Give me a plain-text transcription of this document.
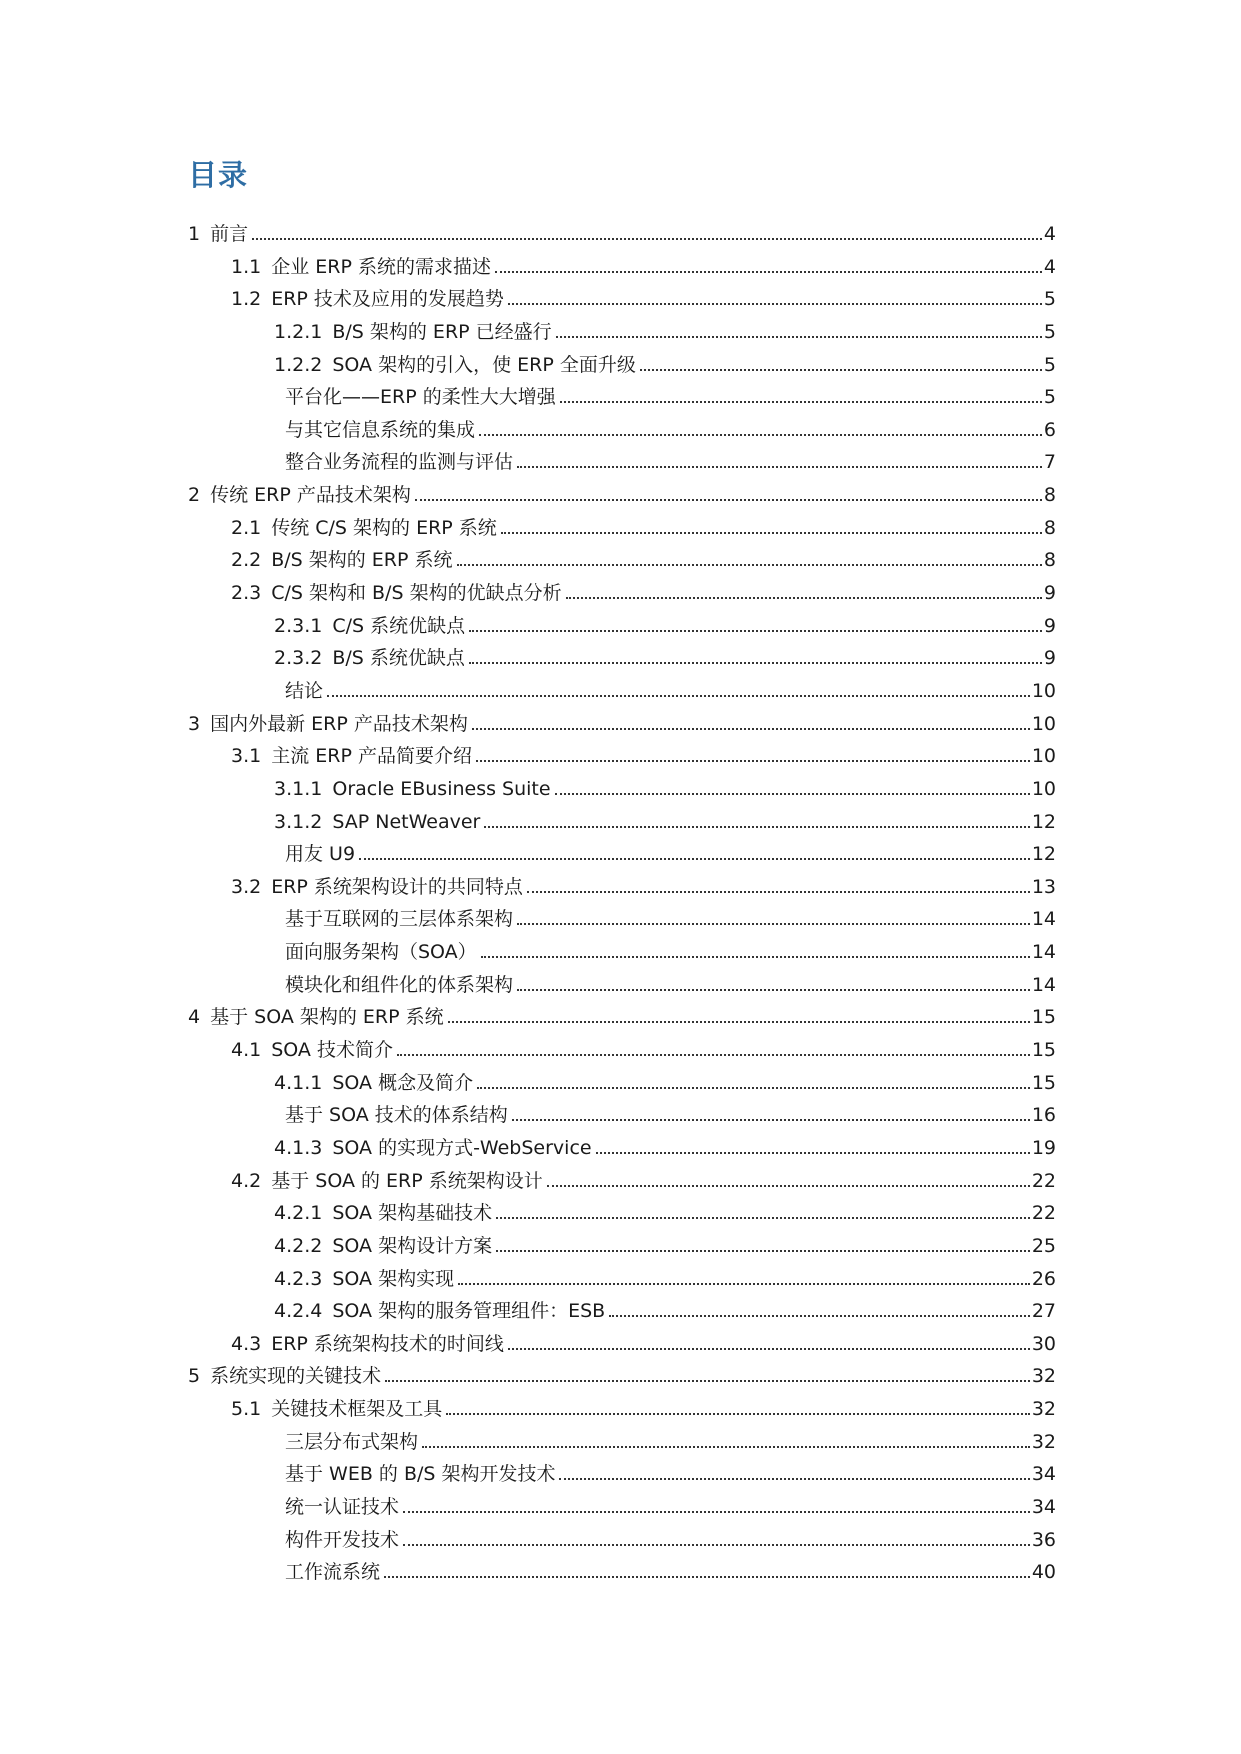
目录
1 前言	4
1.1 企业 ERP 系统的需求描述	4
1.2 ERP 技术及应用的发展趋势	5
1.2.1 B/S 架构的 ERP 已经盛行	5
1.2.2 SOA 架构的引入，使 ERP 全面升级	5
平台化——ERP 的柔性大大增强	5
与其它信息系统的集成	6
整合业务流程的监测与评估	7
2 传统 ERP 产品技术架构	8
2.1 传统 C/S 架构的 ERP 系统	8
2.2 B/S 架构的 ERP 系统	8
2.3 C/S 架构和 B/S 架构的优缺点分析	9
2.3.1 C/S 系统优缺点	9
2.3.2 B/S 系统优缺点	9
结论	10
3 国内外最新 ERP 产品技术架构	10
3.1 主流 ERP 产品简要介绍	10
3.1.1 Oracle EBusiness Suite	10
3.1.2 SAP NetWeaver	12
用友 U9	12
3.2 ERP 系统架构设计的共同特点	13
基于互联网的三层体系架构	14
面向服务架构（SOA）	14
模块化和组件化的体系架构	14
4 基于 SOA 架构的 ERP 系统	15
4.1 SOA 技术简介	15
4.1.1 SOA 概念及简介	15
基于 SOA 技术的体系结构	16
4.1.3 SOA 的实现方式-WebService	19
4.2 基于 SOA 的 ERP 系统架构设计	22
4.2.1 SOA 架构基础技术	22
4.2.2 SOA 架构设计方案	25
4.2.3 SOA 架构实现	26
4.2.4 SOA 架构的服务管理组件：ESB	27
4.3 ERP 系统架构技术的时间线	30
5 系统实现的关键技术	32
5.1 关键技术框架及工具	32
三层分布式架构	32
基于 WEB 的 B/S 架构开发技术	34
统一认证技术	34
构件开发技术	36
工作流系统	40
